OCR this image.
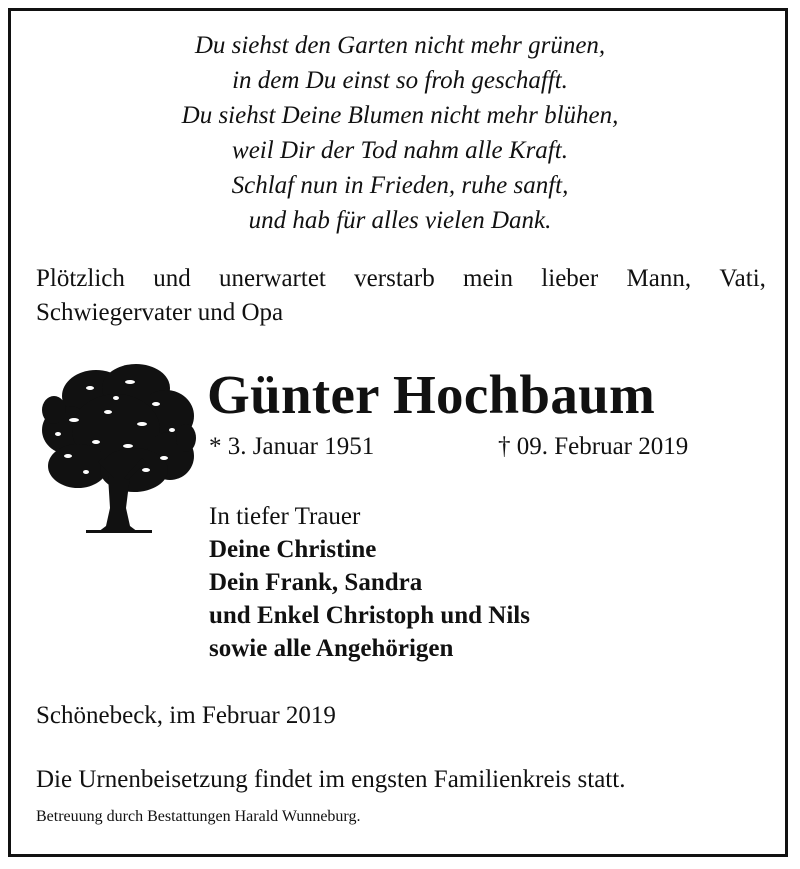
Du siehst den Garten nicht mehr grünen,
in dem Du einst so froh geschafft.
Du siehst Deine Blumen nicht mehr blühen,
weil Dir der Tod nahm alle Kraft.
Schlaf nun in Frieden, ruhe sanft,
und hab für alles vielen Dank.
Plötzlich und unerwartet verstarb mein lieber Mann, Vati,
Schwiegervater und Opa
Günter Hochbaum
* 3. Januar 1951	† 09. Februar 2019
In tiefer Trauer
Deine Christine
Dein Frank, Sandra
und Enkel Christoph und Nils
sowie alle Angehörigen
Schönebeck, im Februar 2019
Die Urnenbeisetzung findet im engsten Familienkreis statt.
Betreuung durch Bestattungen Harald Wunneburg.
